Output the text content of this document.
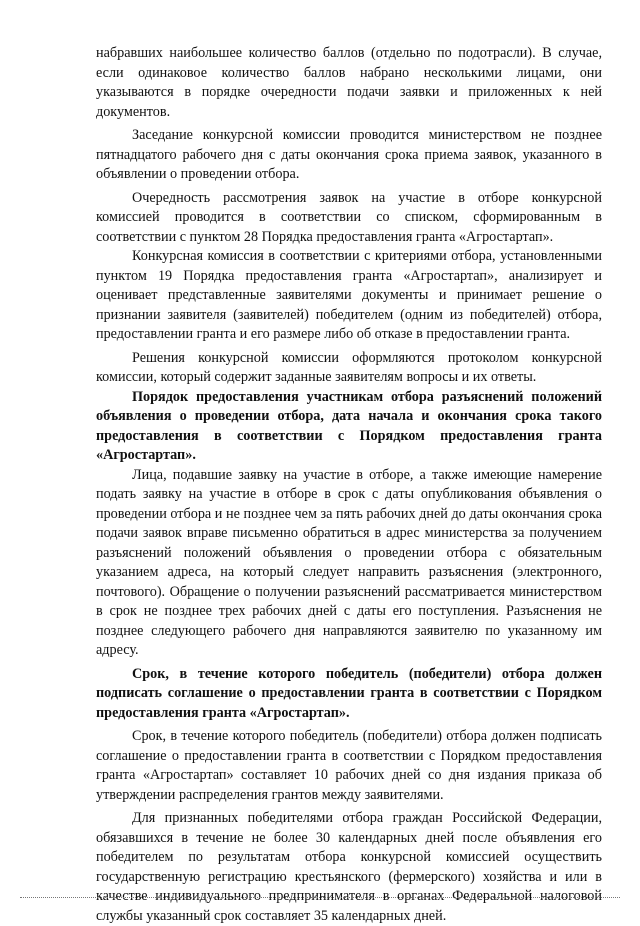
набравших наибольшее количество баллов (отдельно по подотрасли). В случае, если одинаковое количество баллов набрано несколькими лицами, они указываются в порядке очередности подачи заявки и приложенных к ней документов.

Заседание конкурсной комиссии проводится министерством не позднее пятнадцатого рабочего дня с даты окончания срока приема заявок, указанного в объявлении о проведении отбора.

Очередность рассмотрения заявок на участие в отборе конкурсной комиссией проводится в соответствии со списком, сформированным в соответствии с пунктом 28 Порядка предоставления гранта «Агростартап».

Конкурсная комиссия в соответствии с критериями отбора, установленными пунктом 19 Порядка предоставления гранта «Агростартап», анализирует и оценивает представленные заявителями документы и принимает решение о признании заявителя (заявителей) победителем (одним из победителей) отбора, предоставлении гранта и его размере либо об отказе в предоставлении гранта.

Решения конкурсной комиссии оформляются протоколом конкурсной комиссии, который содержит заданные заявителям вопросы и их ответы.

Порядок предоставления участникам отбора разъяснений положений объявления о проведении отбора, дата начала и окончания срока такого предоставления в соответствии с Порядком предоставления гранта «Агростартап».

Лица, подавшие заявку на участие в отборе, а также имеющие намерение подать заявку на участие в отборе в срок с даты опубликования объявления о проведении отбора и не позднее чем за пять рабочих дней до даты окончания срока подачи заявок вправе письменно обратиться в адрес министерства за получением разъяснений положений объявления о проведении отбора с обязательным указанием адреса, на который следует направить разъяснения (электронного, почтового). Обращение о получении разъяснений рассматривается министерством в срок не позднее трех рабочих дней с даты его поступления. Разъяснения не позднее следующего рабочего дня направляются заявителю по указанному им адресу.

Срок, в течение которого победитель (победители) отбора должен подписать соглашение о предоставлении гранта в соответствии с Порядком предоставления гранта «Агростартап».

Срок, в течение которого победитель (победители) отбора должен подписать соглашение о предоставлении гранта в соответствии с Порядком предоставления гранта «Агростартап» составляет 10 рабочих дней со дня издания приказа об утверждении распределения грантов между заявителями.

Для признанных победителями отбора граждан Российской Федерации, обязавшихся в течение не более 30 календарных дней после объявления его победителем по результатам отбора конкурсной комиссией осуществить государственную регистрацию крестьянского (фермерского) хозяйства и или в качестве индивидуального предпринимателя в органах Федеральной налоговой службы указанный срок составляет 35 календарных дней.
